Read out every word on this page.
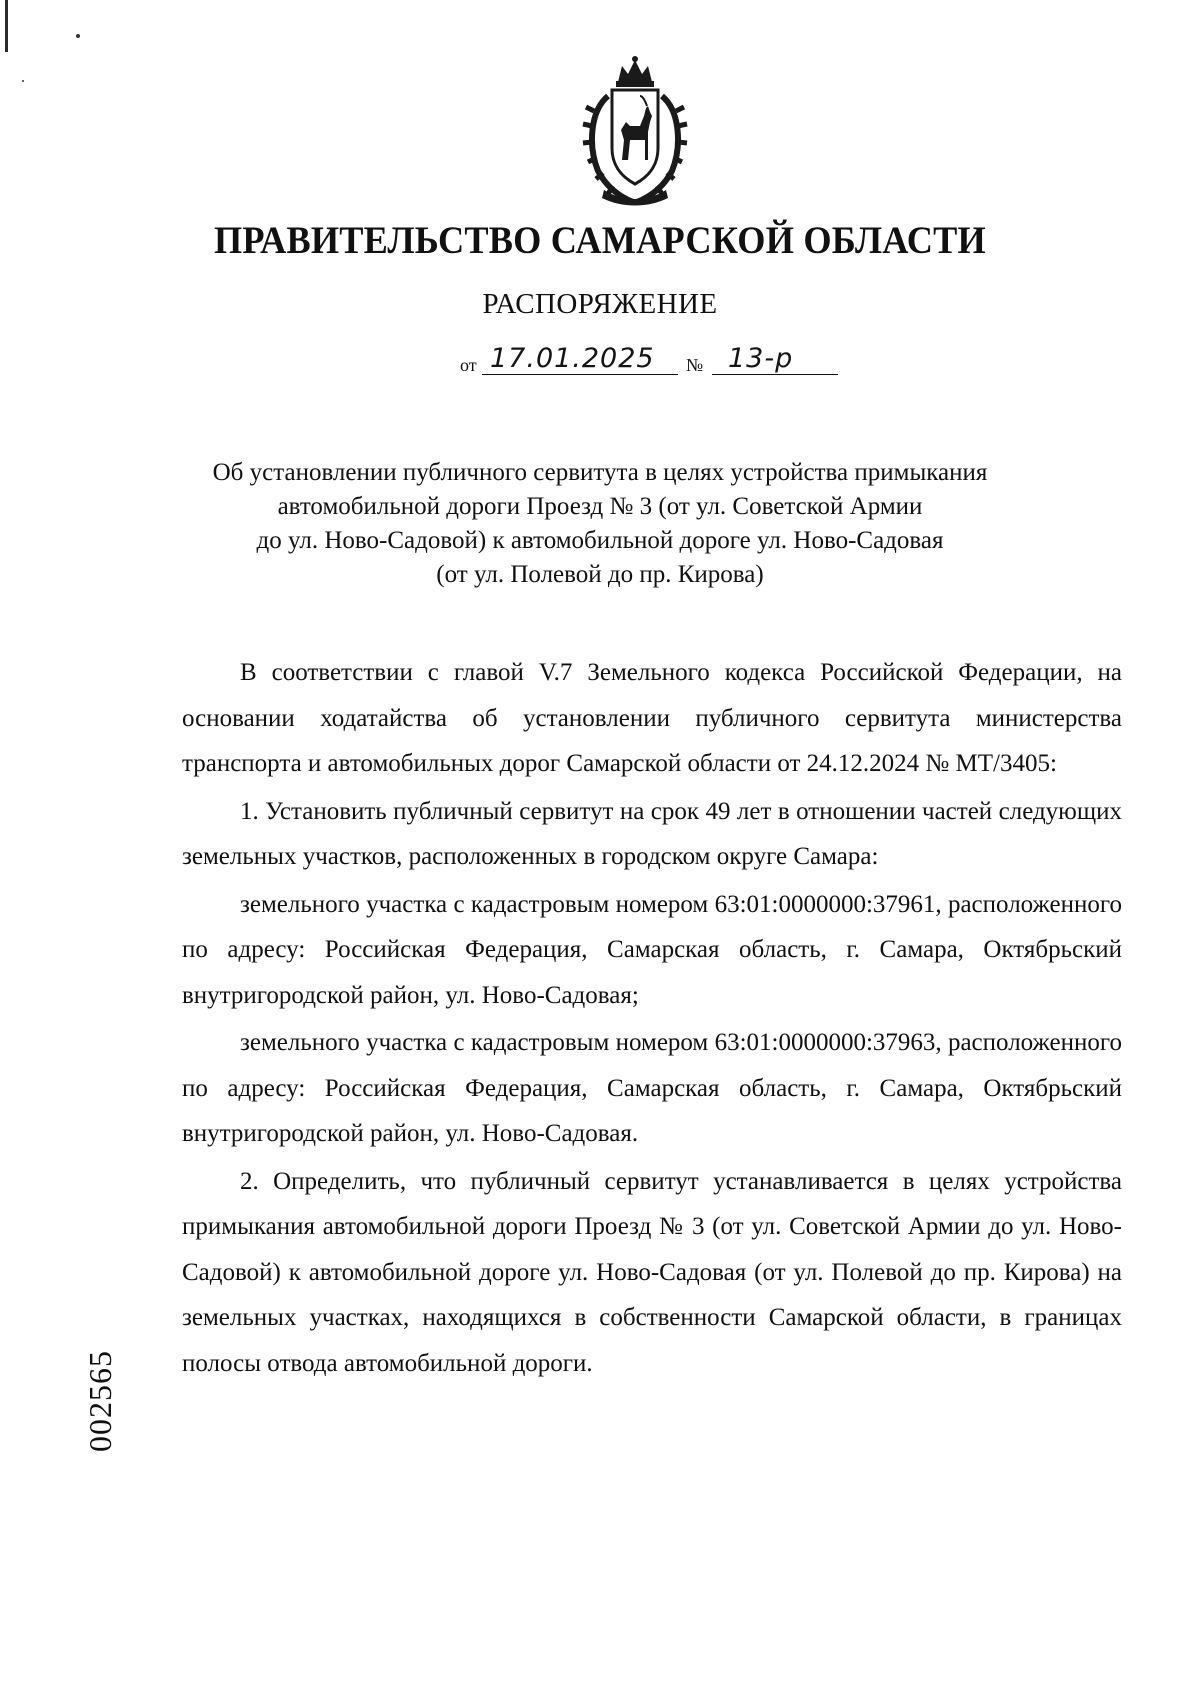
ПРАВИТЕЛЬСТВО САМАРСКОЙ ОБЛАСТИ
РАСПОРЯЖЕНИЕ
от 17.01.2025 № 13-р
Об установлении публичного сервитута в целях устройства примыкания
автомобильной дороги Проезд № 3 (от ул. Советской Армии
до ул. Ново-Садовой) к автомобильной дороге ул. Ново-Садовая
(от ул. Полевой до пр. Кирова)

В соответствии с главой V.7 Земельного кодекса Российской Федерации, на основании ходатайства об установлении публичного сервитута министерства транспорта и автомобильных дорог Самарской области от 24.12.2024 № МТ/3405:

1. Установить публичный сервитут на срок 49 лет в отношении частей следующих земельных участков, расположенных в городском округе Самара:

земельного участка с кадастровым номером 63:01:0000000:37961, расположенного по адресу: Российская Федерация, Самарская область, г. Самара, Октябрьский внутригородской район, ул. Ново-Садовая;

земельного участка с кадастровым номером 63:01:0000000:37963, расположенного по адресу: Российская Федерация, Самарская область, г. Самара, Октябрьский внутригородской район, ул. Ново-Садовая.

2. Определить, что публичный сервитут устанавливается в целях устройства примыкания автомобильной дороги Проезд № 3 (от ул. Советской Армии до ул. Ново-Садовой) к автомобильной дороге ул. Ново-Садовая (от ул. Полевой до пр. Кирова) на земельных участках, находящихся в собственности Самарской области, в границах полосы отвода автомобильной дороги.

002565
